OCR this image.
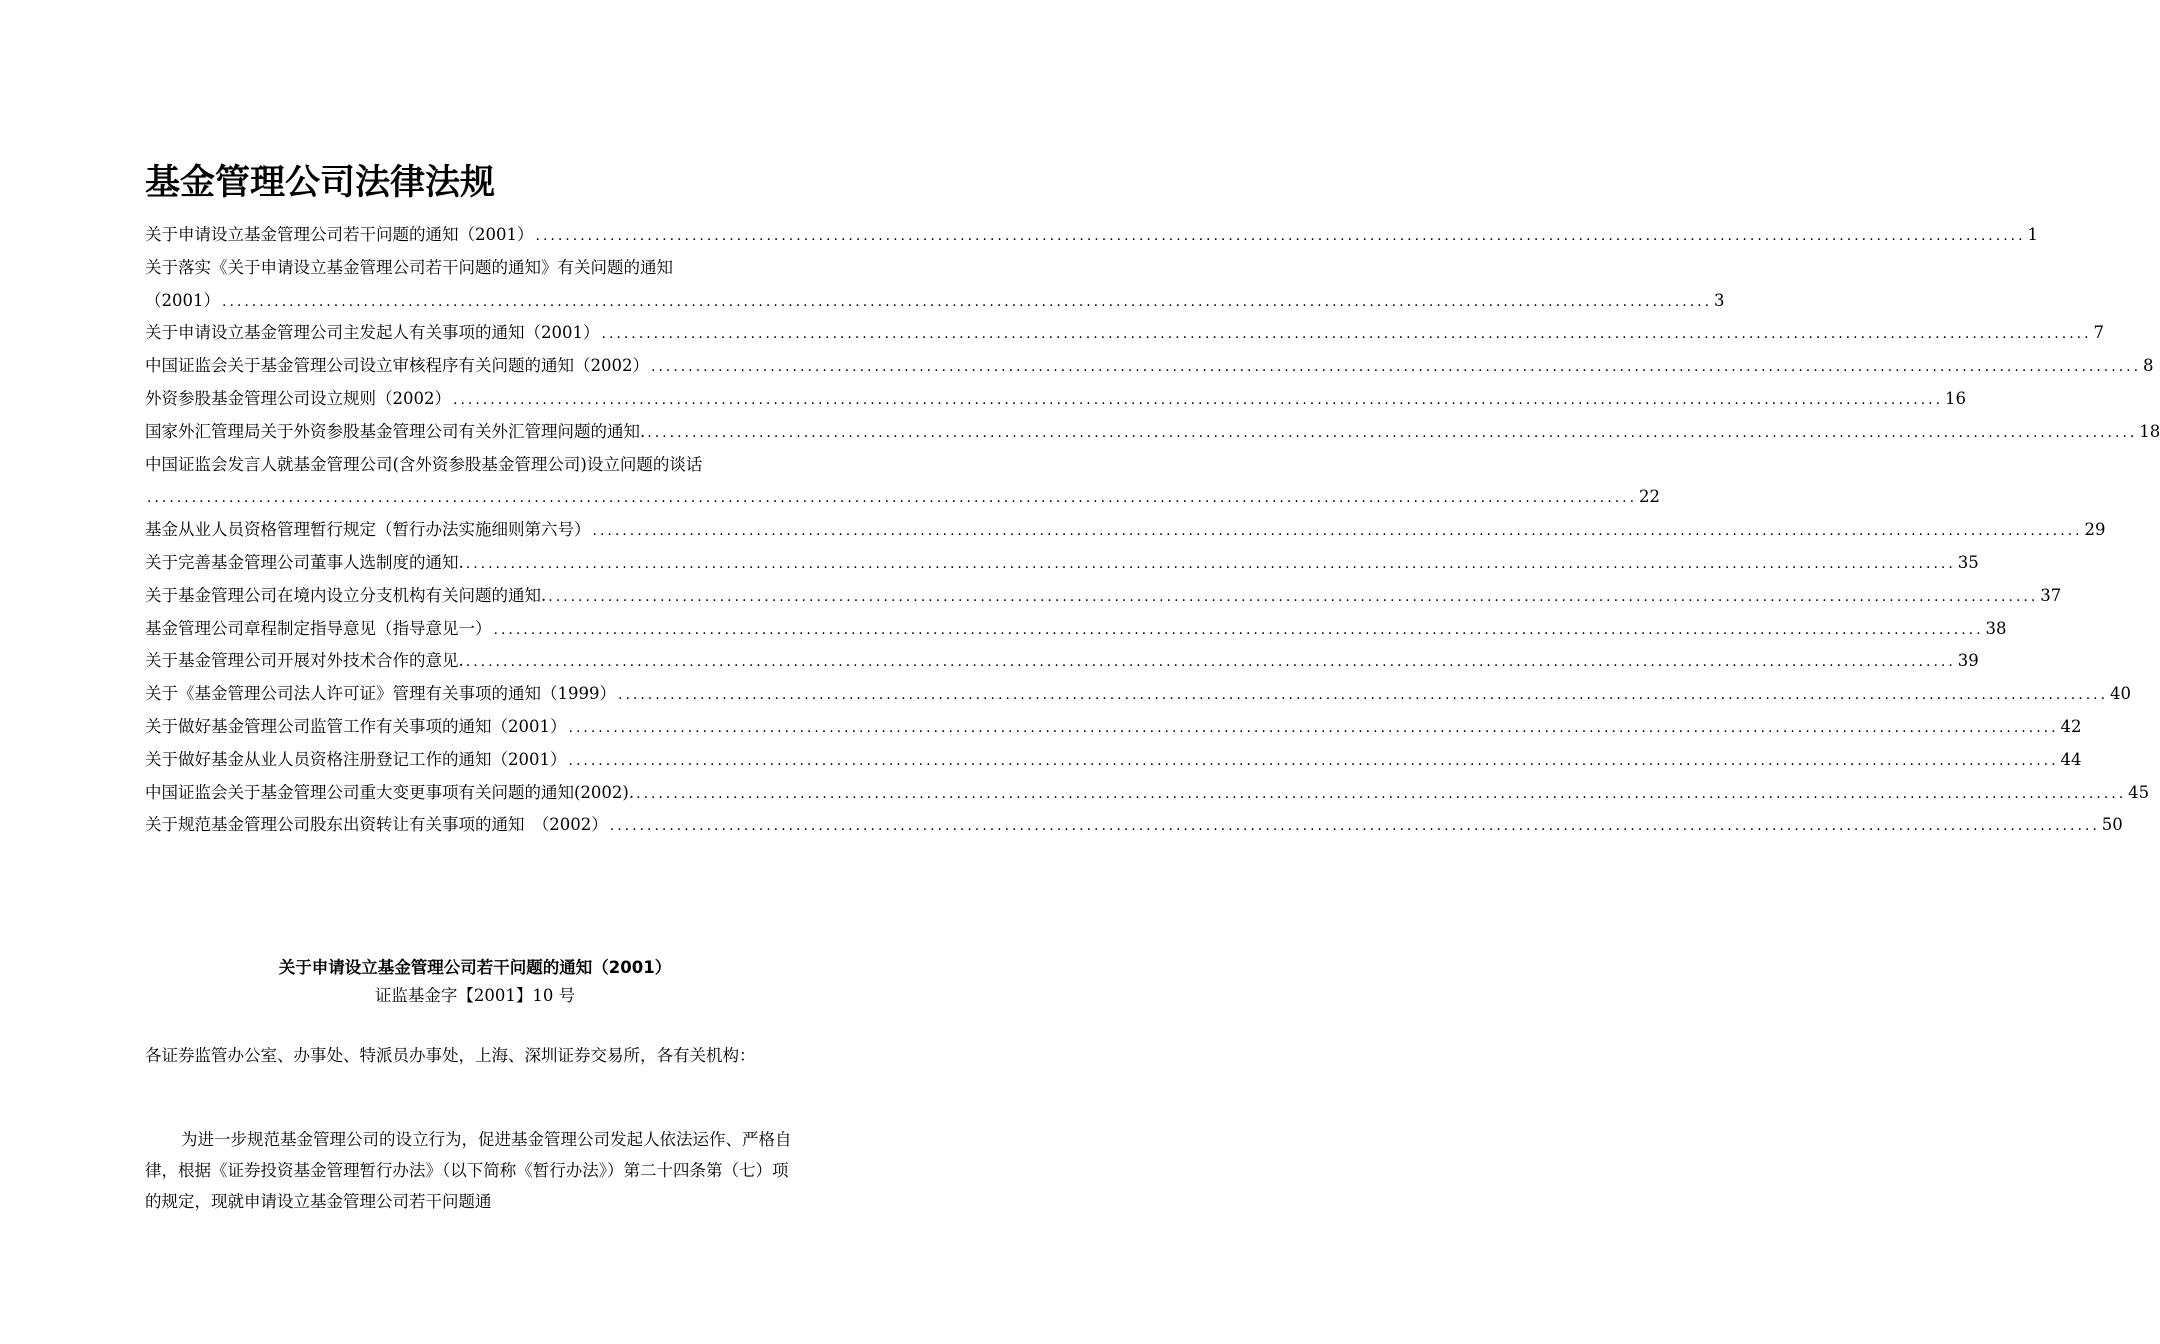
基金管理公司法律法规
关于申请设立基金管理公司若干问题的通知（2001） ........................................................................................................................................................................................................ 1
关于落实《关于申请设立基金管理公司若干问题的通知》有关问题的通知
（2001） ........................................................................................................................................................................................................ 3
关于申请设立基金管理公司主发起人有关事项的通知（2001） ........................................................................................................................................................................................................ 7
中国证监会关于基金管理公司设立审核程序有关问题的通知（2002） ........................................................................................................................................................................................................ 8
外资参股基金管理公司设立规则（2002） ........................................................................................................................................................................................................ 16
国家外汇管理局关于外资参股基金管理公司有关外汇管理问题的通知. ........................................................................................................................................................................................................ 18
中国证监会发言人就基金管理公司(含外资参股基金管理公司)设立问题的谈话
........................................................................................................................................................................................................ 22
基金从业人员资格管理暂行规定（暂行办法实施细则第六号） ........................................................................................................................................................................................................ 29
关于完善基金管理公司董事人选制度的通知. ........................................................................................................................................................................................................ 35
关于基金管理公司在境内设立分支机构有关问题的通知. ........................................................................................................................................................................................................ 37
基金管理公司章程制定指导意见（指导意见一） ........................................................................................................................................................................................................ 38
关于基金管理公司开展对外技术合作的意见. ........................................................................................................................................................................................................ 39
关于《基金管理公司法人许可证》管理有关事项的通知（1999） ........................................................................................................................................................................................................ 40
关于做好基金管理公司监管工作有关事项的通知（2001） ........................................................................................................................................................................................................ 42
关于做好基金从业人员资格注册登记工作的通知（2001） ........................................................................................................................................................................................................ 44
中国证监会关于基金管理公司重大变更事项有关问题的通知(2002). ........................................................................................................................................................................................................ 45
关于规范基金管理公司股东出资转让有关事项的通知　（2002） ........................................................................................................................................................................................................ 50
关于申请设立基金管理公司若干问题的通知（2001）
证监基金字【2001】10 号

各证券监管办公室、办事处、特派员办事处，上海、深圳证券交易所，各有关机构：

为进一步规范基金管理公司的设立行为，促进基金管理公司发起人依法运作、严格自律，根据《证券投资基金管理暂行办法》（以下简称《暂行办法》）第二十四条第（七）项的规定，现就申请设立基金管理公司若干问题通
